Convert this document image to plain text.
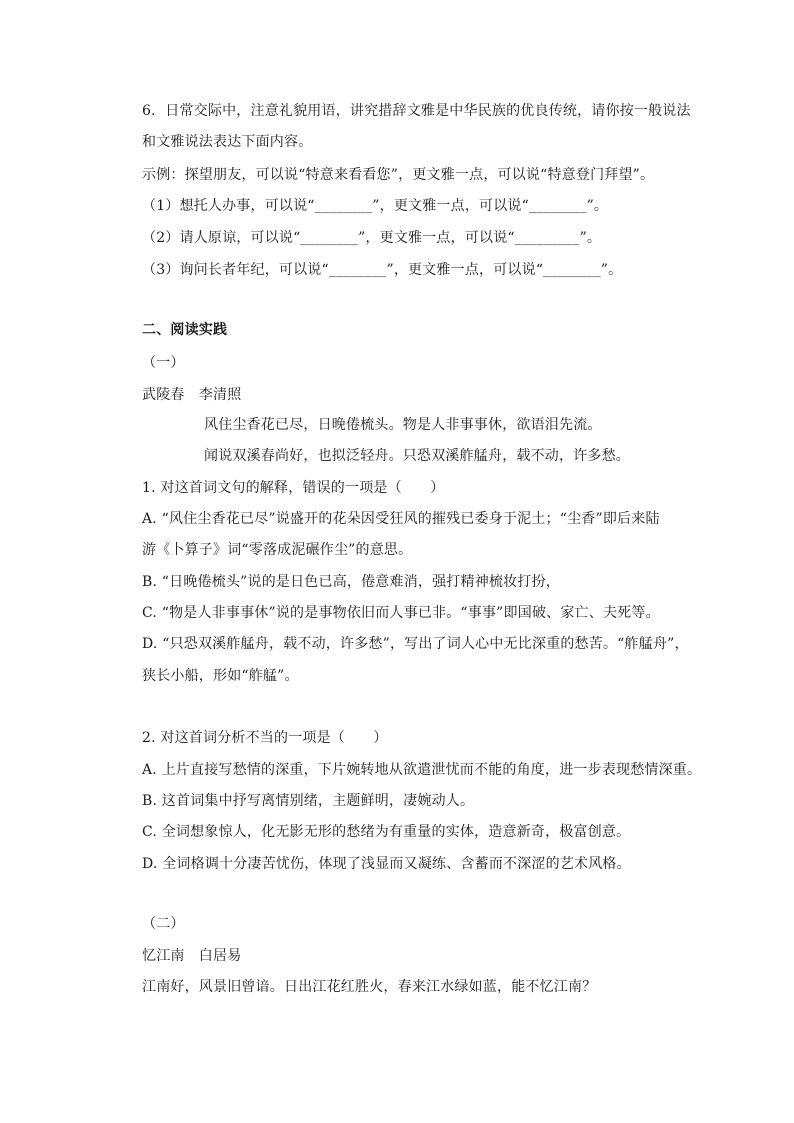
6．日常交际中，注意礼貌用语，讲究措辞文雅是中华民族的优良传统，请你按一般说法
和文雅说法表达下面内容。
示例：探望朋友，可以说“特意来看看您”，更文雅一点，可以说“特意登门拜望”。
（1）想托人办事，可以说“________”，更文雅一点，可以说“________”。
（2）请人原谅，可以说“________”，更文雅一点，可以说“_________”。
（3）询问长者年纪，可以说“________”，更文雅一点，可以说“________”。
二、阅读实践
（一）
武陵春　李清照
风住尘香花已尽，日晚倦梳头。物是人非事事休，欲语泪先流。
闻说双溪春尚好，也拟泛轻舟。只恐双溪舴艋舟，载不动，许多愁。
1. 对这首词文句的解释，错误的一项是（　　）
A. “风住尘香花已尽”说盛开的花朵因受狂风的摧残已委身于泥土；“尘香”即后来陆
游《卜算子》词“零落成泥碾作尘”的意思。
B. “日晚倦梳头”说的是日色已高，倦意难消，强打精神梳妆打扮，
C. “物是人非事事休”说的是事物依旧而人事已非。“事事”即国破、家亡、夫死等。
D. “只恐双溪舴艋舟，载不动，许多愁”，写出了词人心中无比深重的愁苦。“舴艋舟”，
狭长小船，形如“舴艋”。
2. 对这首词分析不当的一项是（　　）
A. 上片直接写愁情的深重，下片婉转地从欲遣泄忧而不能的角度，进一步表现愁情深重。
B. 这首词集中抒写离情别绪，主题鲜明，凄婉动人。
C. 全词想象惊人，化无影无形的愁绪为有重量的实体，造意新奇，极富创意。
D. 全词格调十分凄苦忧伤，体现了浅显而又凝练、含蓄而不深涩的艺术风格。
（二）
忆江南　白居易
江南好，风景旧曾谙。日出江花红胜火，春来江水绿如蓝，能不忆江南？
